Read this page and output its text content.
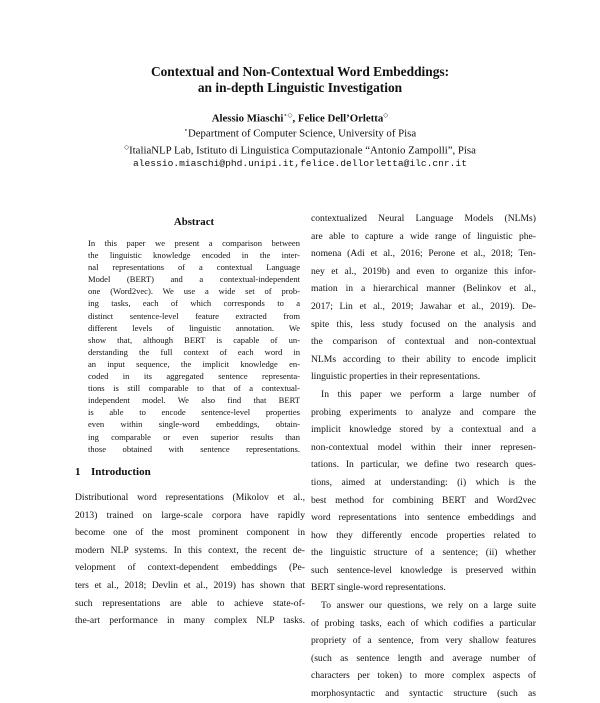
Contextual and Non-Contextual Word Embeddings:
an in-depth Linguistic Investigation
Alessio Miaschi⋆◇, Felice Dell’Orletta◇
⋆Department of Computer Science, University of Pisa
◇ItaliaNLP Lab, Istituto di Linguistica Computazionale “Antonio Zampolli”, Pisa
alessio.miaschi@phd.unipi.it,felice.dellorletta@ilc.cnr.it
Abstract
In this paper we present a comparison between
the linguistic knowledge encoded in the inter-
nal representations of a contextual Language
Model (BERT) and a contextual-independent
one (Word2vec). We use a wide set of prob-
ing tasks, each of which corresponds to a
distinct sentence-level feature extracted from
different levels of linguistic annotation. We
show that, although BERT is capable of un-
derstanding the full context of each word in
an input sequence, the implicit knowledge en-
coded in its aggregated sentence representa-
tions is still comparable to that of a contextual-
independent model. We also find that BERT
is able to encode sentence-level properties
even within single-word embeddings, obtain-
ing comparable or even superior results than
those obtained with sentence representations.
1 Introduction
Distributional word representations (Mikolov et al.,
2013) trained on large-scale corpora have rapidly
become one of the most prominent component in
modern NLP systems. In this context, the recent de-
velopment of context-dependent embeddings (Pe-
ters et al., 2018; Devlin et al., 2019) has shown that
such representations are able to achieve state-of-
the-art performance in many complex NLP tasks.
contextualized Neural Language Models (NLMs)
are able to capture a wide range of linguistic phe-
nomena (Adi et al., 2016; Perone et al., 2018; Ten-
ney et al., 2019b) and even to organize this infor-
mation in a hierarchical manner (Belinkov et al.,
2017; Lin et al., 2019; Jawahar et al., 2019). De-
spite this, less study focused on the analysis and
the comparison of contextual and non-contextual
NLMs according to their ability to encode implicit
linguistic properties in their representations.
In this paper we perform a large number of
probing experiments to analyze and compare the
implicit knowledge stored by a contextual and a
non-contextual model within their inner represen-
tations. In particular, we define two research ques-
tions, aimed at understanding: (i) which is the
best method for combining BERT and Word2vec
word representations into sentence embeddings and
how they differently encode properties related to
the linguistic structure of a sentence; (ii) whether
such sentence-level knowledge is preserved within
BERT single-word representations.
To answer our questions, we rely on a large suite
of probing tasks, each of which codifies a particular
propriety of a sentence, from very shallow features
(such as sentence length and average number of
characters per token) to more complex aspects of
morphosyntactic and syntactic structure (such as
